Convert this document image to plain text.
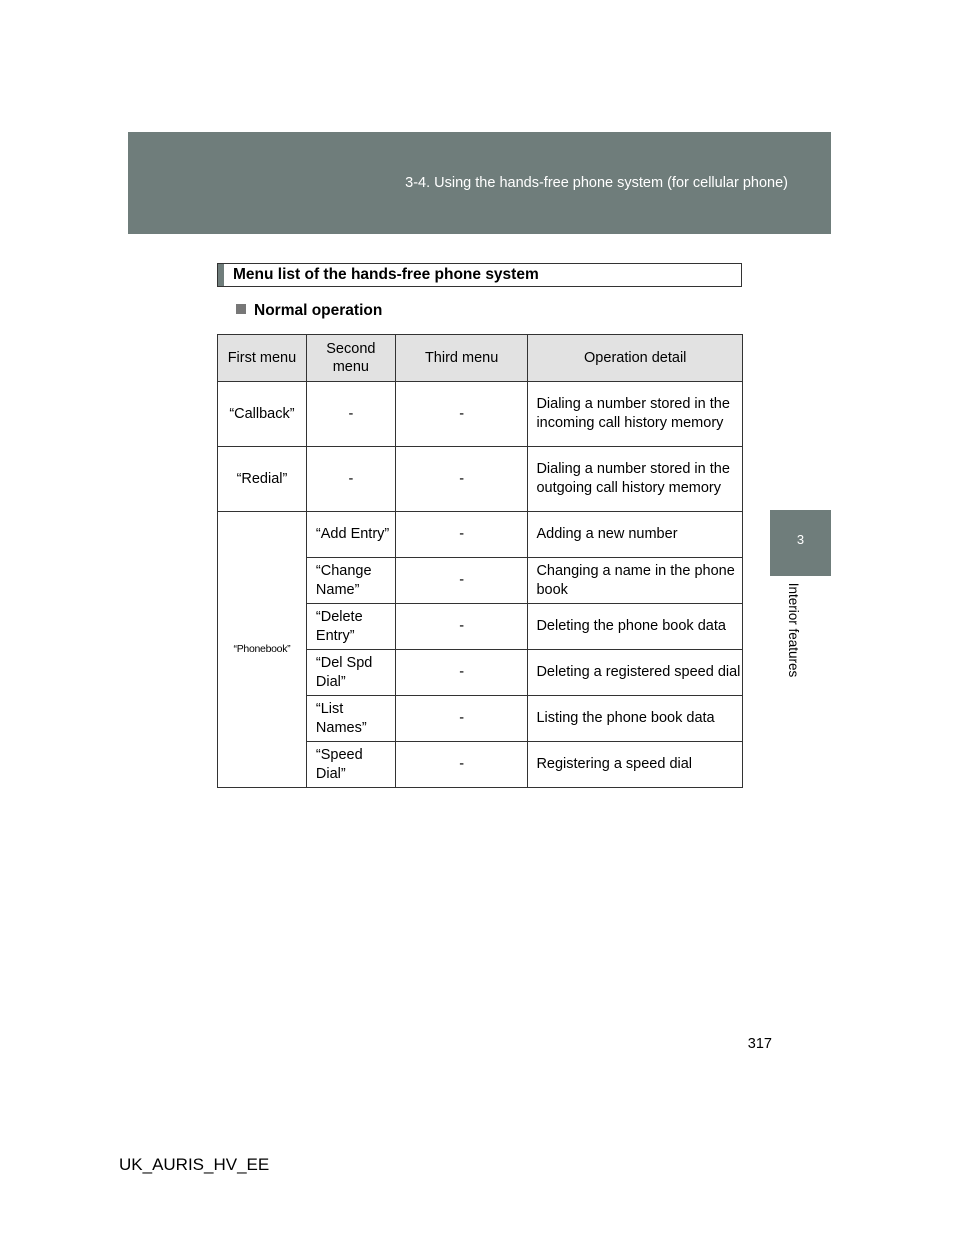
3-4. Using the hands-free phone system (for cellular phone)
3
Interior features
Menu list of the hands-free phone system
Normal operation
First menu	Second menu	Third menu	Operation detail
“Callback”	-	-	Dialing a number stored in the incoming call history memory
“Redial”	-	-	Dialing a number stored in the outgoing call history memory
“Phonebook”	“Add Entry”	-	Adding a new number
	“Change Name”	-	Changing a name in the phone book
	“Delete Entry”	-	Deleting the phone book data
	“Del Spd Dial”	-	Deleting a registered speed dial
	“List Names”	-	Listing the phone book data
	“Speed Dial”	-	Registering a speed dial
317
UK_AURIS_HV_EE
